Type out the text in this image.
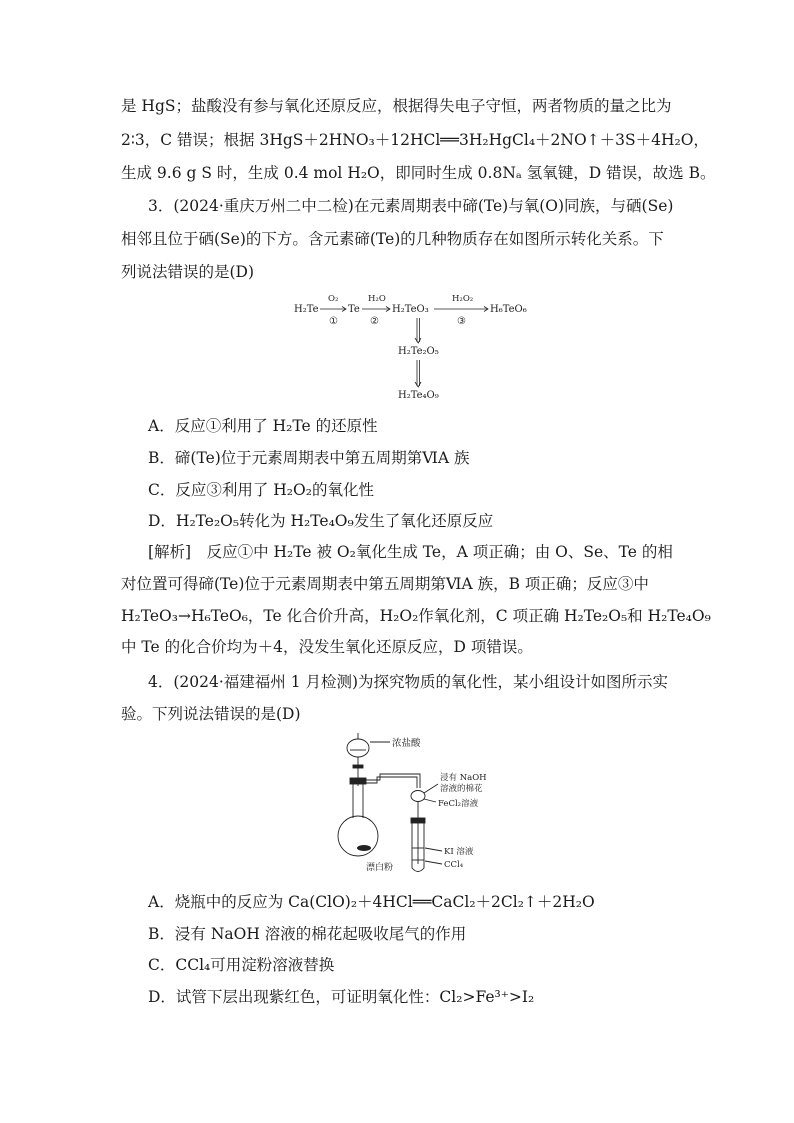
是 HgS；盐酸没有参与氧化还原反应，根据得失电子守恒，两者物质的量之比为
2∶3，C 错误；根据 3HgS＋2HNO₃＋12HCl══3H₂HgCl₄＋2NO↑＋3S＋4H₂O，
生成 9.6 g S 时，生成 0.4 mol H₂O，即同时生成 0.8Nₐ 氢氧键，D 错误，故选 B。
3．(2024·重庆万州二中二检)在元素周期表中碲(Te)与氧(O)同族，与硒(Se)
相邻且位于硒(Se)的下方。含元素碲(Te)的几种物质存在如图所示转化关系。下
列说法错误的是(D)
H₂Te	Te	H₂TeO₃	H₆TeO₆
O₂	H₂O	H₂O₂
①	②	③
H₂Te₂O₅
H₂Te₄O₉
A．反应①利用了 H₂Te 的还原性
B．碲(Te)位于元素周期表中第五周期第ⅥA 族
C．反应③利用了 H₂O₂的氧化性
D．H₂Te₂O₅转化为 H₂Te₄O₉发生了氧化还原反应
[解析]　反应①中 H₂Te 被 O₂氧化生成 Te，A 项正确；由 O、Se、Te 的相
对位置可得碲(Te)位于元素周期表中第五周期第ⅥA 族，B 项正确；反应③中
H₂TeO₃→H₆TeO₆，Te 化合价升高，H₂O₂作氧化剂，C 项正确 H₂Te₂O₅和 H₂Te₄O₉
中 Te 的化合价均为＋4，没发生氧化还原反应，D 项错误。
4．(2024·福建福州 1 月检测)为探究物质的氧化性，某小组设计如图所示实
验。下列说法错误的是(D)
浓盐酸
浸有 NaOH
溶液的棉花
FeCl₂溶液
KI 溶液
CCl₄
漂白粉
A．烧瓶中的反应为 Ca(ClO)₂＋4HCl══CaCl₂＋2Cl₂↑＋2H₂O
B．浸有 NaOH 溶液的棉花起吸收尾气的作用
C．CCl₄可用淀粉溶液替换
D．试管下层出现紫红色，可证明氧化性：Cl₂>Fe³⁺>I₂
